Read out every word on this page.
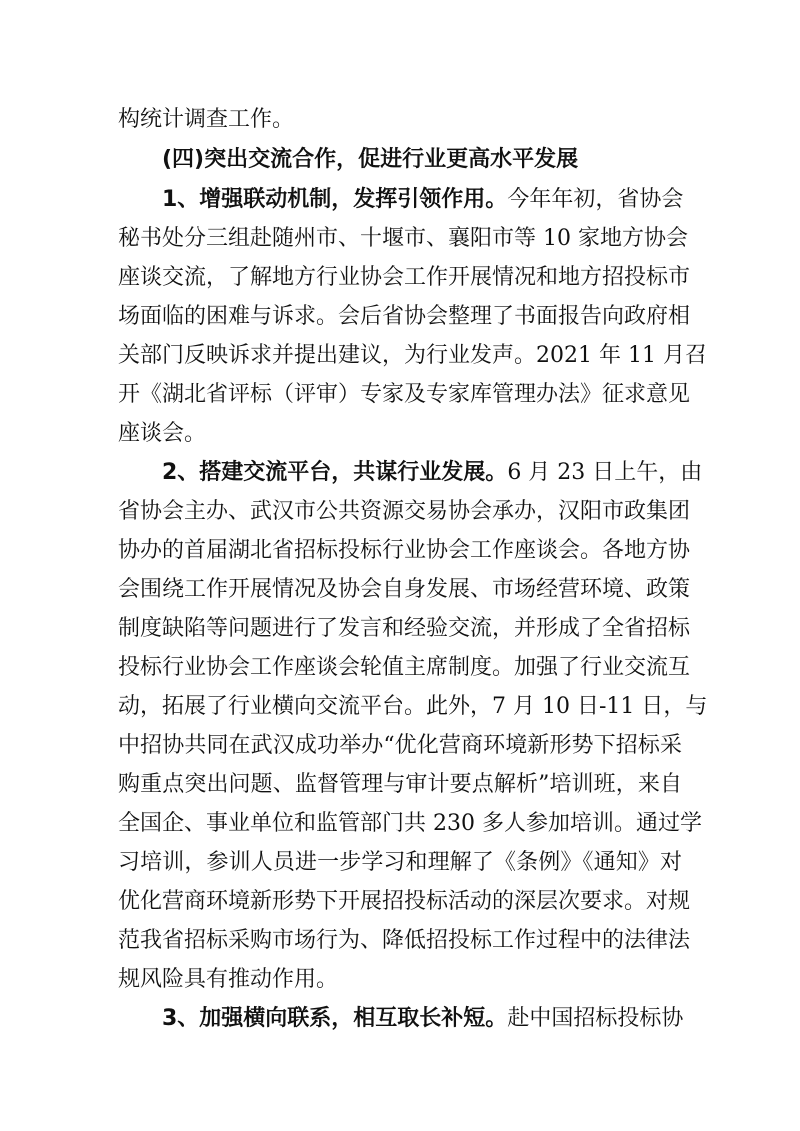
构统计调查工作。
(四)突出交流合作，促进行业更高水平发展
1、增强联动机制，发挥引领作用。今年年初，省协会
秘书处分三组赴随州市、十堰市、襄阳市等 10 家地方协会
座谈交流，了解地方行业协会工作开展情况和地方招投标市
场面临的困难与诉求。会后省协会整理了书面报告向政府相
关部门反映诉求并提出建议，为行业发声。2021 年 11 月召
开《湖北省评标（评审）专家及专家库管理办法》征求意见
座谈会。
2、搭建交流平台，共谋行业发展。6 月 23 日上午，由
省协会主办、武汉市公共资源交易协会承办，汉阳市政集团
协办的首届湖北省招标投标行业协会工作座谈会。各地方协
会围绕工作开展情况及协会自身发展、市场经营环境、政策
制度缺陷等问题进行了发言和经验交流，并形成了全省招标
投标行业协会工作座谈会轮值主席制度。加强了行业交流互
动，拓展了行业横向交流平台。此外，7 月 10 日-11 日，与
中招协共同在武汉成功举办“优化营商环境新形势下招标采
购重点突出问题、监督管理与审计要点解析”培训班，来自
全国企、事业单位和监管部门共 230 多人参加培训。通过学
习培训，参训人员进一步学习和理解了《条例》《通知》对
优化营商环境新形势下开展招投标活动的深层次要求。对规
范我省招标采购市场行为、降低招投标工作过程中的法律法
规风险具有推动作用。
3、加强横向联系，相互取长补短。赴中国招标投标协
